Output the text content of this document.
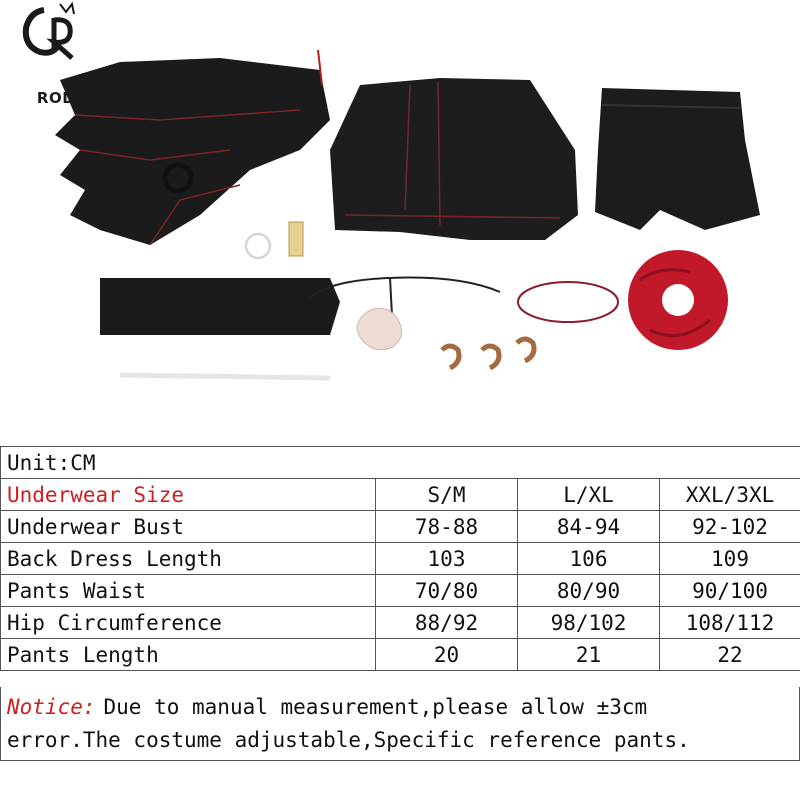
ROLECOS
Unit:CM			
Underwear Size	S/M	L/XL	XXL/3XL
Underwear Bust	78-88	84-94	92-102
Back Dress Length	103	106	109
Pants Waist	70/80	80/90	90/100
Hip Circumference	88/92	98/102	108/112
Pants Length	20	21	22
Notice: Due to manual measurement,please allow ±3cm
error.The costume adjustable,Specific reference pants.
